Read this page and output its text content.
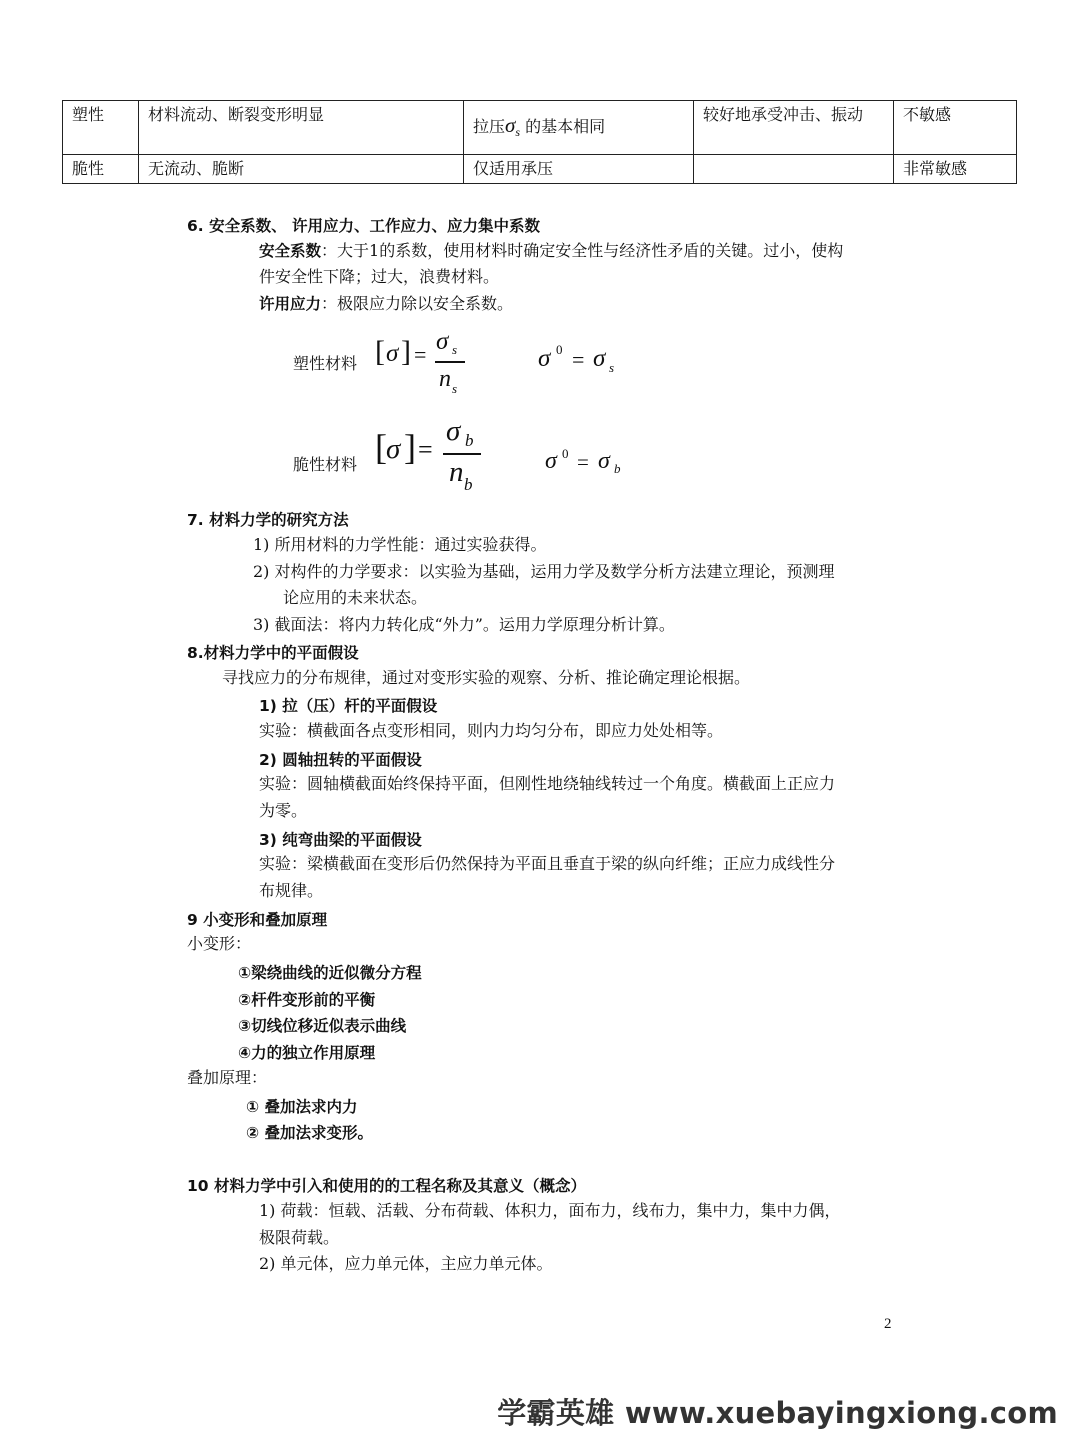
塑性	材料流动、断裂变形明显	拉压$\sigma_s$ 的基本相同	较好地承受冲击、振动	不敏感
脆性	无流动、脆断	仅适用承压		非常敏感
6. 安全系数、 许用应力、工作应力、应力集中系数
安全系数：大于1的系数，使用材料时确定安全性与经济性矛盾的关键。过小，使构
件安全性下降；过大，浪费材料。
许用应力：极限应力除以安全系数。
塑性材料 [ σ ] = σ s
n s
σ 0 = σ s
脆性材料 [ σ ] =
σ b
n b
σ 0 = σ b
7. 材料力学的研究方法
1) 所用材料的力学性能：通过实验获得。
2) 对构件的力学要求：以实验为基础，运用力学及数学分析方法建立理论，预测理
论应用的未来状态。
3) 截面法：将内力转化成“外力”。运用力学原理分析计算。
8.材料力学中的平面假设
寻找应力的分布规律，通过对变形实验的观察、分析、推论确定理论根据。
1) 拉（压）杆的平面假设
实验：横截面各点变形相同，则内力均匀分布，即应力处处相等。
2) 圆轴扭转的平面假设
实验：圆轴横截面始终保持平面，但刚性地绕轴线转过一个角度。横截面上正应力
为零。
3) 纯弯曲梁的平面假设
实验：梁横截面在变形后仍然保持为平面且垂直于梁的纵向纤维；正应力成线性分
布规律。
9 小变形和叠加原理
小变形：
①梁绕曲线的近似微分方程
②杆件变形前的平衡
③切线位移近似表示曲线
④力的独立作用原理
叠加原理：
① 叠加法求内力
② 叠加法求变形。
10 材料力学中引入和使用的的工程名称及其意义（概念）
1) 荷载：恒载、活载、分布荷载、体积力，面布力，线布力，集中力，集中力偶，
极限荷载。
2) 单元体，应力单元体，主应力单元体。
2
学霸英雄 www.xuebayingxiong.com
